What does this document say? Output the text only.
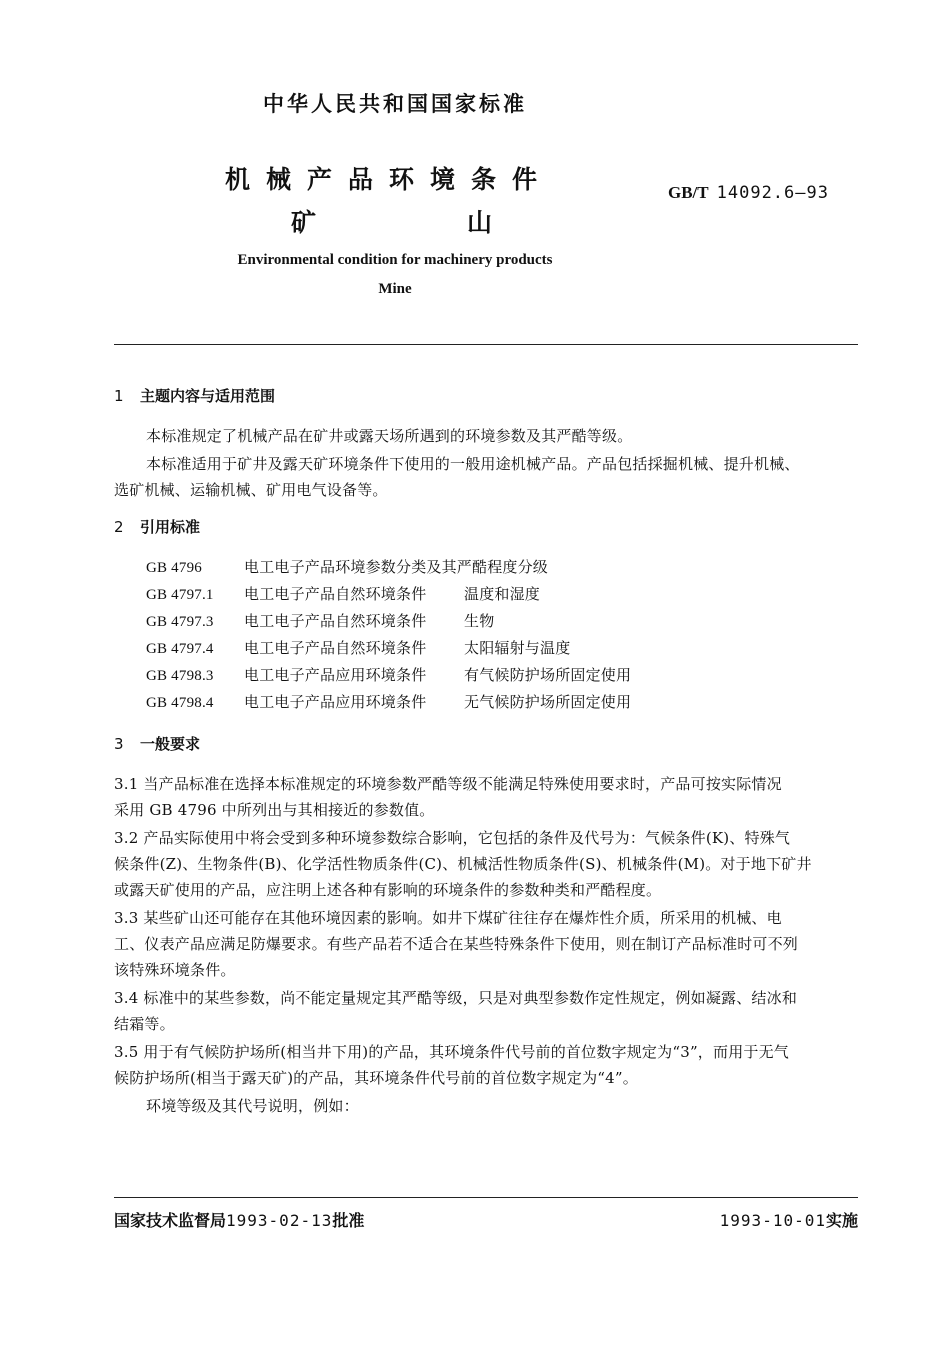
中华人民共和国国家标准
机械产品环境条件
矿	山
GB/T 14092.6—93
Environmental condition for machinery products
Mine
1 主题内容与适用范围
本标准规定了机械产品在矿井或露天场所遇到的环境参数及其严酷等级。
本标准适用于矿井及露天矿环境条件下使用的一般用途机械产品。产品包括採掘机械、提升机械、
选矿机械、运输机械、矿用电气设备等。
2 引用标准
GB 4796	电工电子产品环境参数分类及其严酷程度分级
GB 4797.1 电工电子产品自然环境条件	温度和湿度
GB 4797.3 电工电子产品自然环境条件	生物
GB 4797.4 电工电子产品自然环境条件	太阳辐射与温度
GB 4798.3 电工电子产品应用环境条件	有气候防护场所固定使用
GB 4798.4 电工电子产品应用环境条件	无气候防护场所固定使用
3 一般要求
3.1 当产品标准在选择本标准规定的环境参数严酷等级不能满足特殊使用要求时，产品可按实际情况
采用 GB 4796 中所列出与其相接近的参数值。
3.2 产品实际使用中将会受到多种环境参数综合影响，它包括的条件及代号为：气候条件(K)、特殊气
候条件(Z)、生物条件(B)、化学活性物质条件(C)、机械活性物质条件(S)、机械条件(M)。对于地下矿井
或露天矿使用的产品，应注明上述各种有影响的环境条件的参数种类和严酷程度。
3.3 某些矿山还可能存在其他环境因素的影响。如井下煤矿往往存在爆炸性介质，所采用的机械、电
工、仪表产品应满足防爆要求。有些产品若不适合在某些特殊条件下使用，则在制订产品标准时可不列
该特殊环境条件。
3.4 标准中的某些参数，尚不能定量规定其严酷等级，只是对典型参数作定性规定，例如凝露、结冰和
结霜等。
3.5 用于有气候防护场所(相当井下用)的产品，其环境条件代号前的首位数字规定为“3”，而用于无气
候防护场所(相当于露天矿)的产品，其环境条件代号前的首位数字规定为“4”。
环境等级及其代号说明，例如：
国家技术监督局1993-02-13批准	1993-10-01实施
